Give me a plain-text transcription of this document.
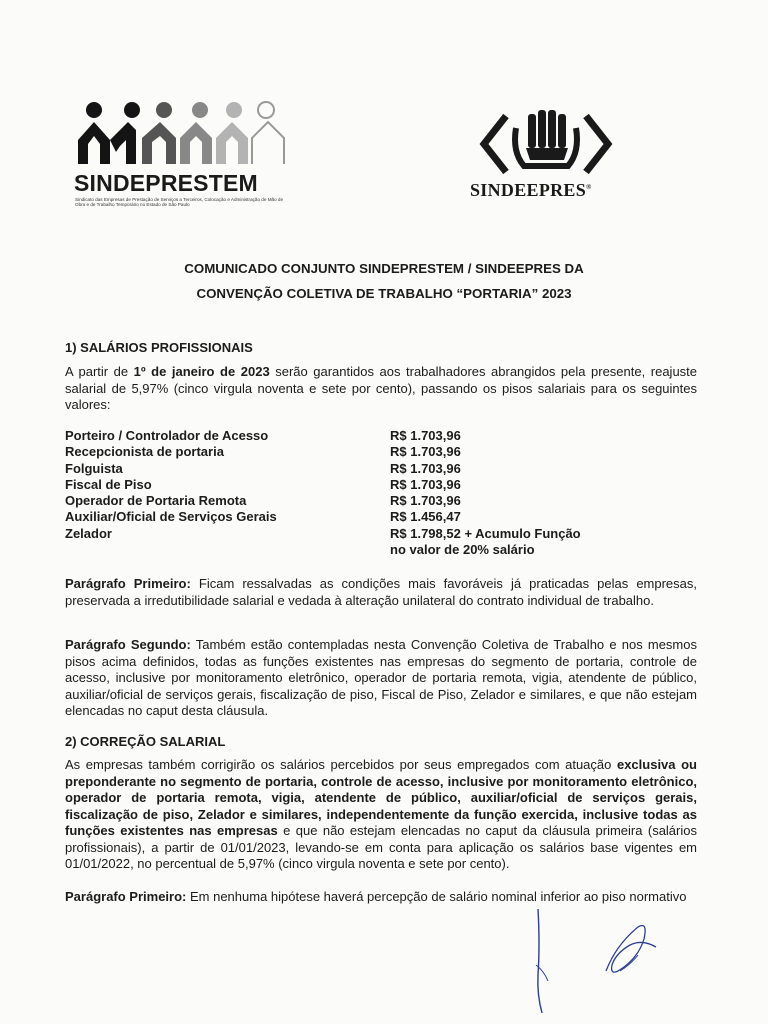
SINDEPRESTEM
Sindicato das Empresas de Prestação de Serviços a Terceiros, Colocação e Administração de Mão de Obra e de Trabalho Temporário no Estado de São Paulo
SINDEEPRES®
COMUNICADO CONJUNTO SINDEPRESTEM / SINDEEPRES DA
CONVENÇÃO COLETIVA DE TRABALHO “PORTARIA” 2023
1) SALÁRIOS PROFISSIONAIS
A partir de 1º de janeiro de 2023 serão garantidos aos trabalhadores abrangidos pela presente, reajuste salarial de 5,97% (cinco virgula noventa e sete por cento), passando os pisos salariais para os seguintes valores:
Porteiro / Controlador de Acesso	R$ 1.703,96
Recepcionista de portaria	R$ 1.703,96
Folguista	R$ 1.703,96
Fiscal de Piso	R$ 1.703,96
Operador de Portaria Remota	R$ 1.703,96
Auxiliar/Oficial de Serviços Gerais	R$ 1.456,47
Zelador	R$ 1.798,52 + Acumulo Função
no valor de 20% salário
Parágrafo Primeiro: Ficam ressalvadas as condições mais favoráveis já praticadas pelas empresas, preservada a irredutibilidade salarial e vedada à alteração unilateral do contrato individual de trabalho.
Parágrafo Segundo: Também estão contempladas nesta Convenção Coletiva de Trabalho e nos mesmos pisos acima definidos, todas as funções existentes nas empresas do segmento de portaria, controle de acesso, inclusive por monitoramento eletrônico, operador de portaria remota, vigia, atendente de público, auxiliar/oficial de serviços gerais, fiscalização de piso, Fiscal de Piso, Zelador e similares, e que não estejam elencadas no caput desta cláusula.
2) CORREÇÃO SALARIAL
As empresas também corrigirão os salários percebidos por seus empregados com atuação exclusiva ou preponderante no segmento de portaria, controle de acesso, inclusive por monitoramento eletrônico, operador de portaria remota, vigia, atendente de público, auxiliar/oficial de serviços gerais, fiscalização de piso, Zelador e similares, independentemente da função exercida, inclusive todas as funções existentes nas empresas e que não estejam elencadas no caput da cláusula primeira (salários profissionais), a partir de 01/01/2023, levando-se em conta para aplicação os salários base vigentes em 01/01/2022, no percentual de 5,97% (cinco virgula noventa e sete por cento).
Parágrafo Primeiro: Em nenhuma hipótese haverá percepção de salário nominal inferior ao piso normativo
